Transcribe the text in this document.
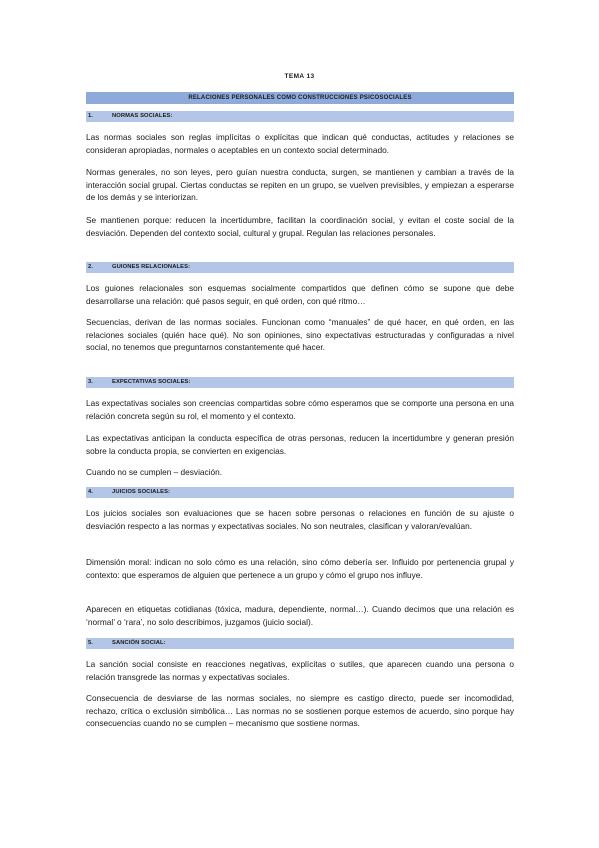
TEMA 13
RELACIONES PERSONALES COMO CONSTRUCCIONES PSICOSOCIALES
1.	NORMAS SOCIALES:

Las normas sociales son reglas implícitas o explícitas que indican qué conductas, actitudes y relaciones se consideran apropiadas, normales o aceptables en un contexto social determinado.

Normas generales, no son leyes, pero guían nuestra conducta, surgen, se mantienen y cambian a través de la interacción social grupal. Ciertas conductas se repiten en un grupo, se vuelven previsibles, y empiezan a esperarse de los demás y se interiorizan.

Se mantienen porque: reducen la incertidumbre, facilitan la coordinación social, y evitan el coste social de la desviación. Dependen del contexto social, cultural y grupal. Regulan las relaciones personales.

2.	GUIONES RELACIONALES:

Los guiones relacionales son esquemas socialmente compartidos que definen cómo se supone que debe desarrollarse una relación: qué pasos seguir, en qué orden, con qué ritmo…

Secuencias, derivan de las normas sociales. Funcionan como “manuales” de qué hacer, en qué orden, en las relaciones sociales (quién hace qué). No son opiniones, sino expectativas estructuradas y configuradas a nivel social, no tenemos que preguntarnos constantemente qué hacer.

3.	EXPECTATIVAS SOCIALES:

Las expectativas sociales son creencias compartidas sobre cómo esperamos que se comporte una persona en una relación concreta según su rol, el momento y el contexto.

Las expectativas anticipan la conducta específica de otras personas, reducen la incertidumbre y generan presión sobre la conducta propia, se convierten en exigencias.

Cuando no se cumplen – desviación.

4.	JUICIOS SOCIALES:

Los juicios sociales son evaluaciones que se hacen sobre personas o relaciones en función de su ajuste o desviación respecto a las normas y expectativas sociales. No son neutrales, clasifican y valoran/evalúan.

Dimensión moral: indican no solo cómo es una relación, sino cómo debería ser. Influido por pertenencia grupal y contexto: que esperamos de alguien que pertenece a un grupo y cómo el grupo nos influye.

Aparecen en etiquetas cotidianas (tóxica, madura, dependiente, normal…). Cuando decimos que una relación es ‘normal’ o ‘rara’, no solo describimos, juzgamos (juicio social).

5.	SANCIÓN SOCIAL:

La sanción social consiste en reacciones negativas, explícitas o sutiles, que aparecen cuando una persona o relación transgrede las normas y expectativas sociales.

Consecuencia de desviarse de las normas sociales, no siempre es castigo directo, puede ser incomodidad, rechazo, crítica o exclusión simbólica… Las normas no se sostienen porque estemos de acuerdo, sino porque hay consecuencias cuando no se cumplen – mecanismo que sostiene normas.
